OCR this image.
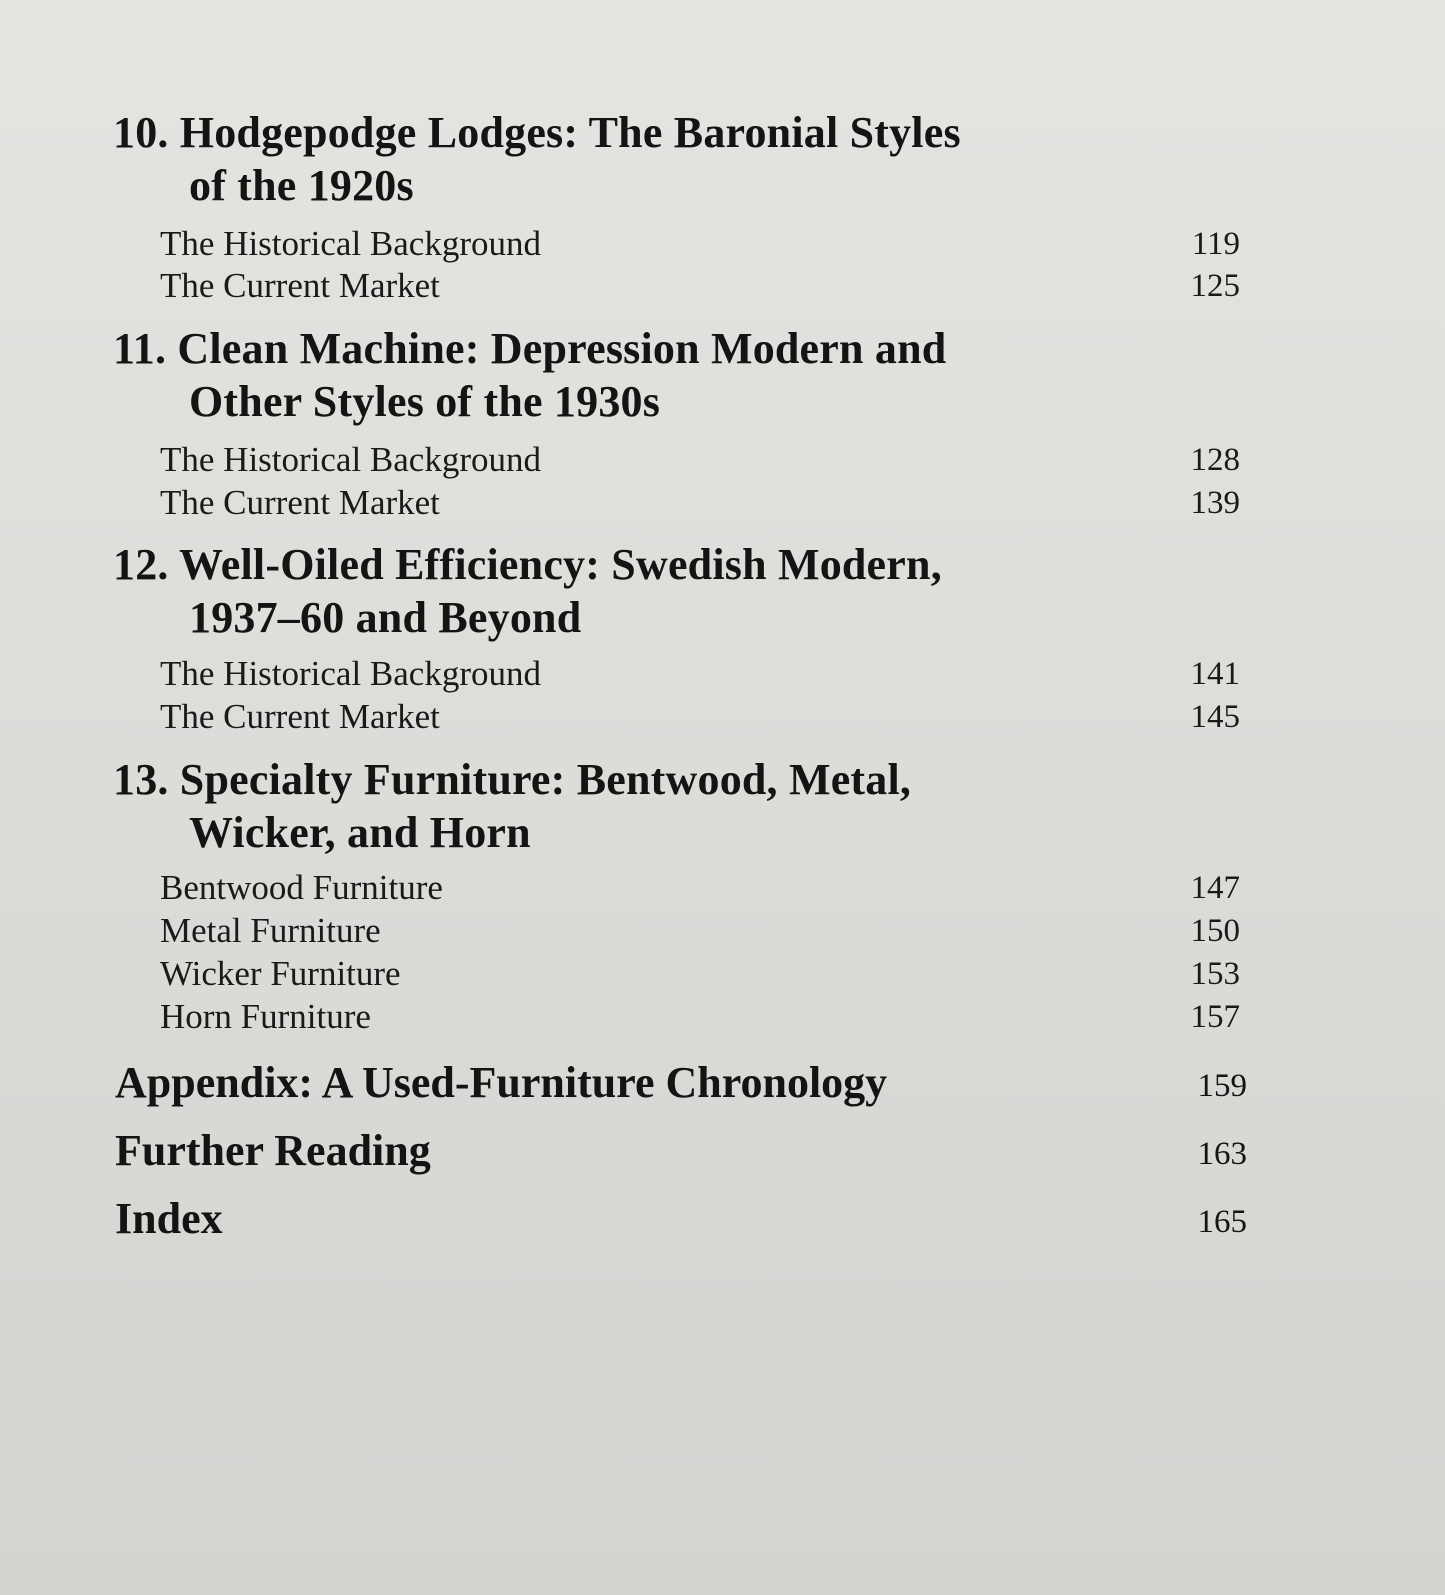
10. Hodgepodge Lodges: The Baronial Styles
of the 1920s
The Historical Background	119
The Current Market	125
11. Clean Machine: Depression Modern and
Other Styles of the 1930s
The Historical Background	128
The Current Market	139
12. Well-Oiled Efficiency: Swedish Modern,
1937–60 and Beyond
The Historical Background	141
The Current Market	145
13. Specialty Furniture: Bentwood, Metal,
Wicker, and Horn
Bentwood Furniture	147
Metal Furniture	150
Wicker Furniture	153
Horn Furniture	157
Appendix: A Used-Furniture Chronology	159
Further Reading	163
Index	165
